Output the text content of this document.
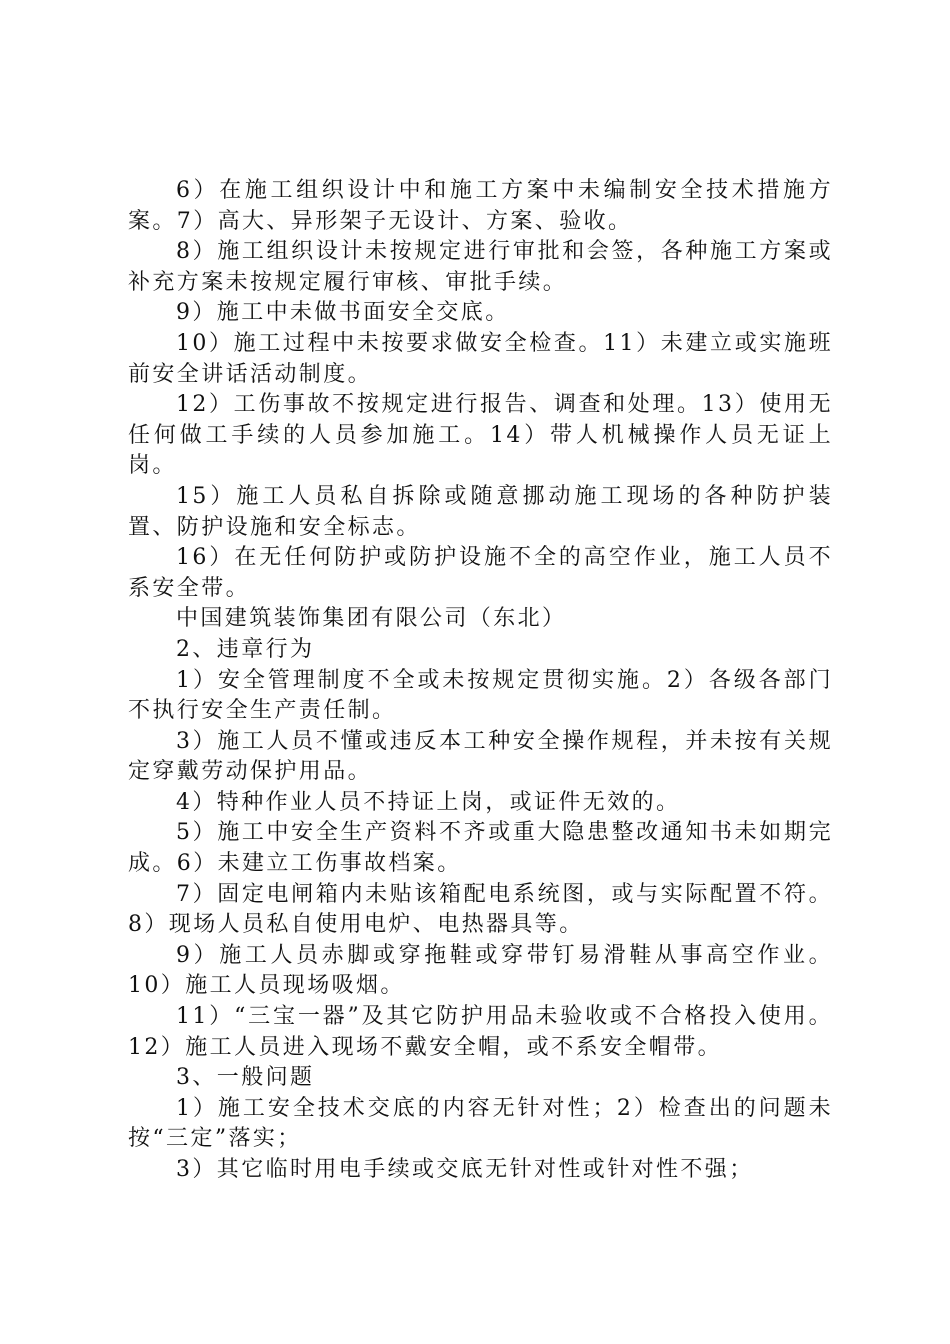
6）在施工组织设计中和施工方案中未编制安全技术措施方案。7）高大、异形架子无设计、方案、验收。

8）施工组织设计未按规定进行审批和会签，各种施工方案或补充方案未按规定履行审核、审批手续。

9）施工中未做书面安全交底。

10）施工过程中未按要求做安全检查。11）未建立或实施班前安全讲话活动制度。

12）工伤事故不按规定进行报告、调查和处理。13）使用无任何做工手续的人员参加施工。14）带人机械操作人员无证上岗。

15）施工人员私自拆除或随意挪动施工现场的各种防护装置、防护设施和安全标志。

16）在无任何防护或防护设施不全的高空作业，施工人员不系安全带。

中国建筑装饰集团有限公司（东北）

2、违章行为

1）安全管理制度不全或未按规定贯彻实施。2）各级各部门不执行安全生产责任制。

3）施工人员不懂或违反本工种安全操作规程，并未按有关规定穿戴劳动保护用品。

4）特种作业人员不持证上岗，或证件无效的。

5）施工中安全生产资料不齐或重大隐患整改通知书未如期完成。6）未建立工伤事故档案。

7）固定电闸箱内未贴该箱配电系统图，或与实际配置不符。8）现场人员私自使用电炉、电热器具等。

9）施工人员赤脚或穿拖鞋或穿带钉易滑鞋从事高空作业。10）施工人员现场吸烟。

11）“三宝一器”及其它防护用品未验收或不合格投入使用。12）施工人员进入现场不戴安全帽，或不系安全帽带。

3、一般问题

1）施工安全技术交底的内容无针对性；2）检查出的问题未按“三定”落实；

3）其它临时用电手续或交底无针对性或针对性不强；
